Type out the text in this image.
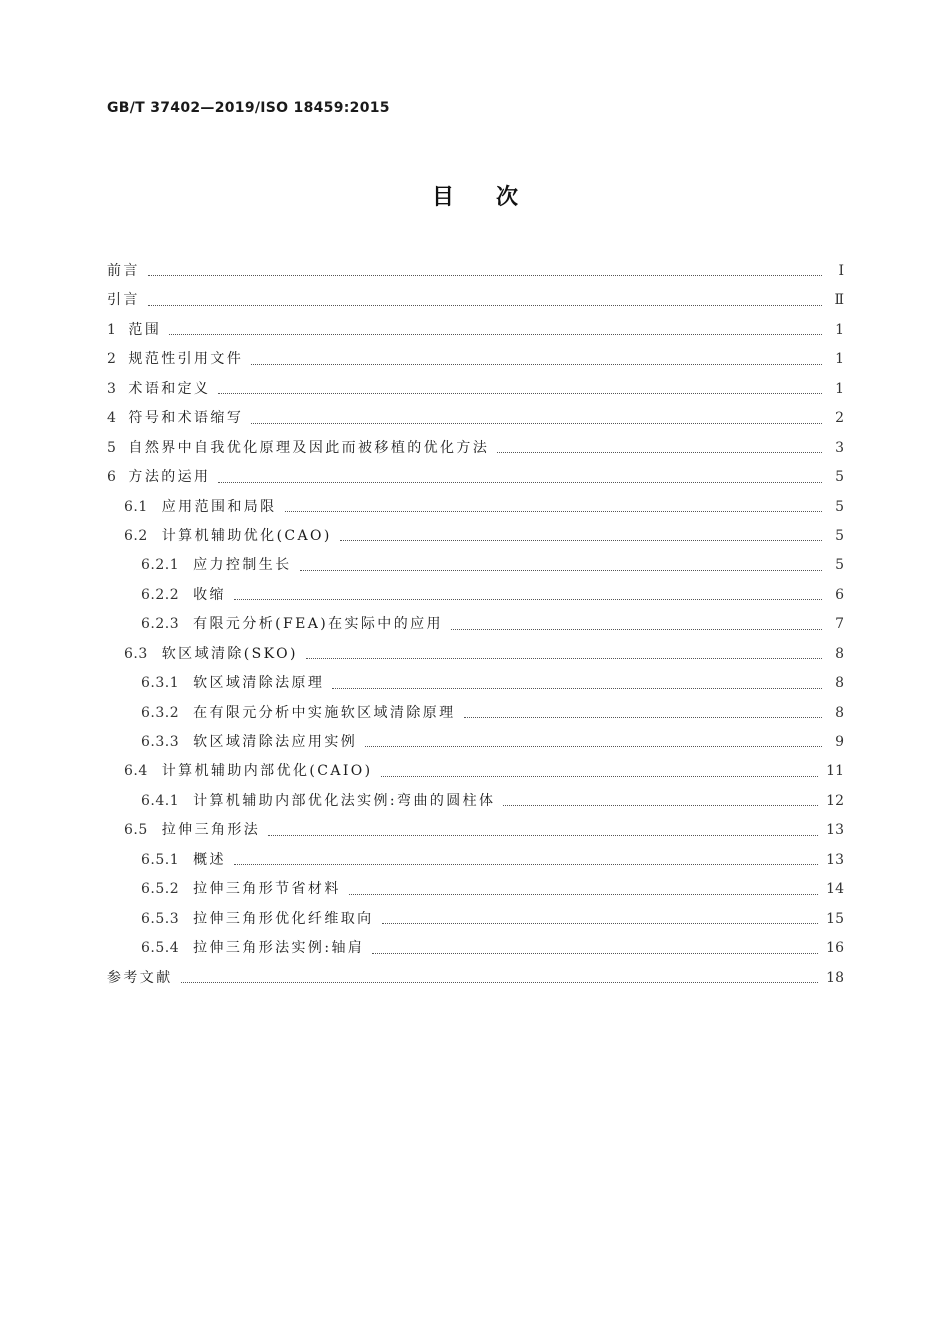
GB/T 37402—2019/ISO 18459:2015
目次
前言	Ⅰ
引言	Ⅱ
1 范围	1
2 规范性引用文件	1
3 术语和定义	1
4 符号和术语缩写	2
5 自然界中自我优化原理及因此而被移植的优化方法	3
6 方法的运用	5
6.1 应用范围和局限	5
6.2 计算机辅助优化(CAO)	5
6.2.1 应力控制生长	5
6.2.2 收缩	6
6.2.3 有限元分析(FEA)在实际中的应用	7
6.3 软区域清除(SKO)	8
6.3.1 软区域清除法原理	8
6.3.2 在有限元分析中实施软区域清除原理	8
6.3.3 软区域清除法应用实例	9
6.4 计算机辅助内部优化(CAIO)	11
6.4.1 计算机辅助内部优化法实例:弯曲的圆柱体	12
6.5 拉伸三角形法	13
6.5.1 概述	13
6.5.2 拉伸三角形节省材料	14
6.5.3 拉伸三角形优化纤维取向	15
6.5.4 拉伸三角形法实例:轴肩	16
参考文献	18
